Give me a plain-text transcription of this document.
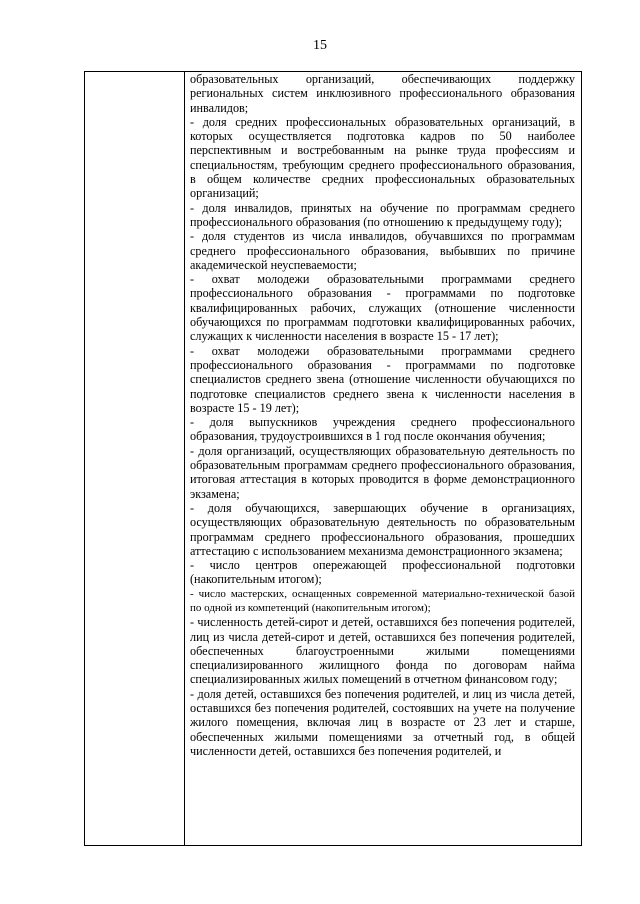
15

образовательных организаций, обеспечивающих поддержку региональных систем инклюзивного профессионального образования инвалидов;

- доля средних профессиональных образовательных организаций, в которых осуществляется подготовка кадров по 50 наиболее перспективным и востребованным на рынке труда профессиям и специальностям, требующим среднего профессионального образования, в общем количестве средних профессиональных образовательных организаций;

- доля инвалидов, принятых на обучение по программам среднего профессионального образования (по отношению к предыдущему году);

- доля студентов из числа инвалидов, обучавшихся по программам среднего профессионального образования, выбывших по причине академической неуспеваемости;

- охват молодежи образовательными программами среднего профессионального образования - программами по подготовке квалифицированных рабочих, служащих (отношение численности обучающихся по программам подготовки квалифицированных рабочих, служащих к численности населения в возрасте 15 - 17 лет);

- охват молодежи образовательными программами среднего профессионального образования - программами по подготовке специалистов среднего звена (отношение численности обучающихся по подготовке специалистов среднего звена к численности населения в возрасте 15 - 19 лет);

- доля выпускников учреждения среднего профессионального образования, трудоустроившихся в 1 год после окончания обучения;

- доля организаций, осуществляющих образовательную деятельность по образовательным программам среднего профессионального образования, итоговая аттестация в которых проводится в форме демонстрационного экзамена;

- доля обучающихся, завершающих обучение в организациях, осуществляющих образовательную деятельность по образовательным программам среднего профессионального образования, прошедших аттестацию с использованием механизма демонстрационного экзамена;

- число центров опережающей профессиональной подготовки (накопительным итогом);

- число мастерских, оснащенных современной материально-технической базой по одной из компетенций (накопительным итогом);

- численность детей-сирот и детей, оставшихся без попечения родителей, лиц из числа детей-сирот и детей, оставшихся без попечения родителей, обеспеченных благоустроенными жилыми помещениями специализированного жилищного фонда по договорам найма специализированных жилых помещений в отчетном финансовом году;

- доля детей, оставшихся без попечения родителей, и лиц из числа детей, оставшихся без попечения родителей, состоявших на учете на получение жилого помещения, включая лиц в возрасте от 23 лет и старше, обеспеченных жилыми помещениями за отчетный год, в общей численности детей, оставшихся без попечения родителей, и
